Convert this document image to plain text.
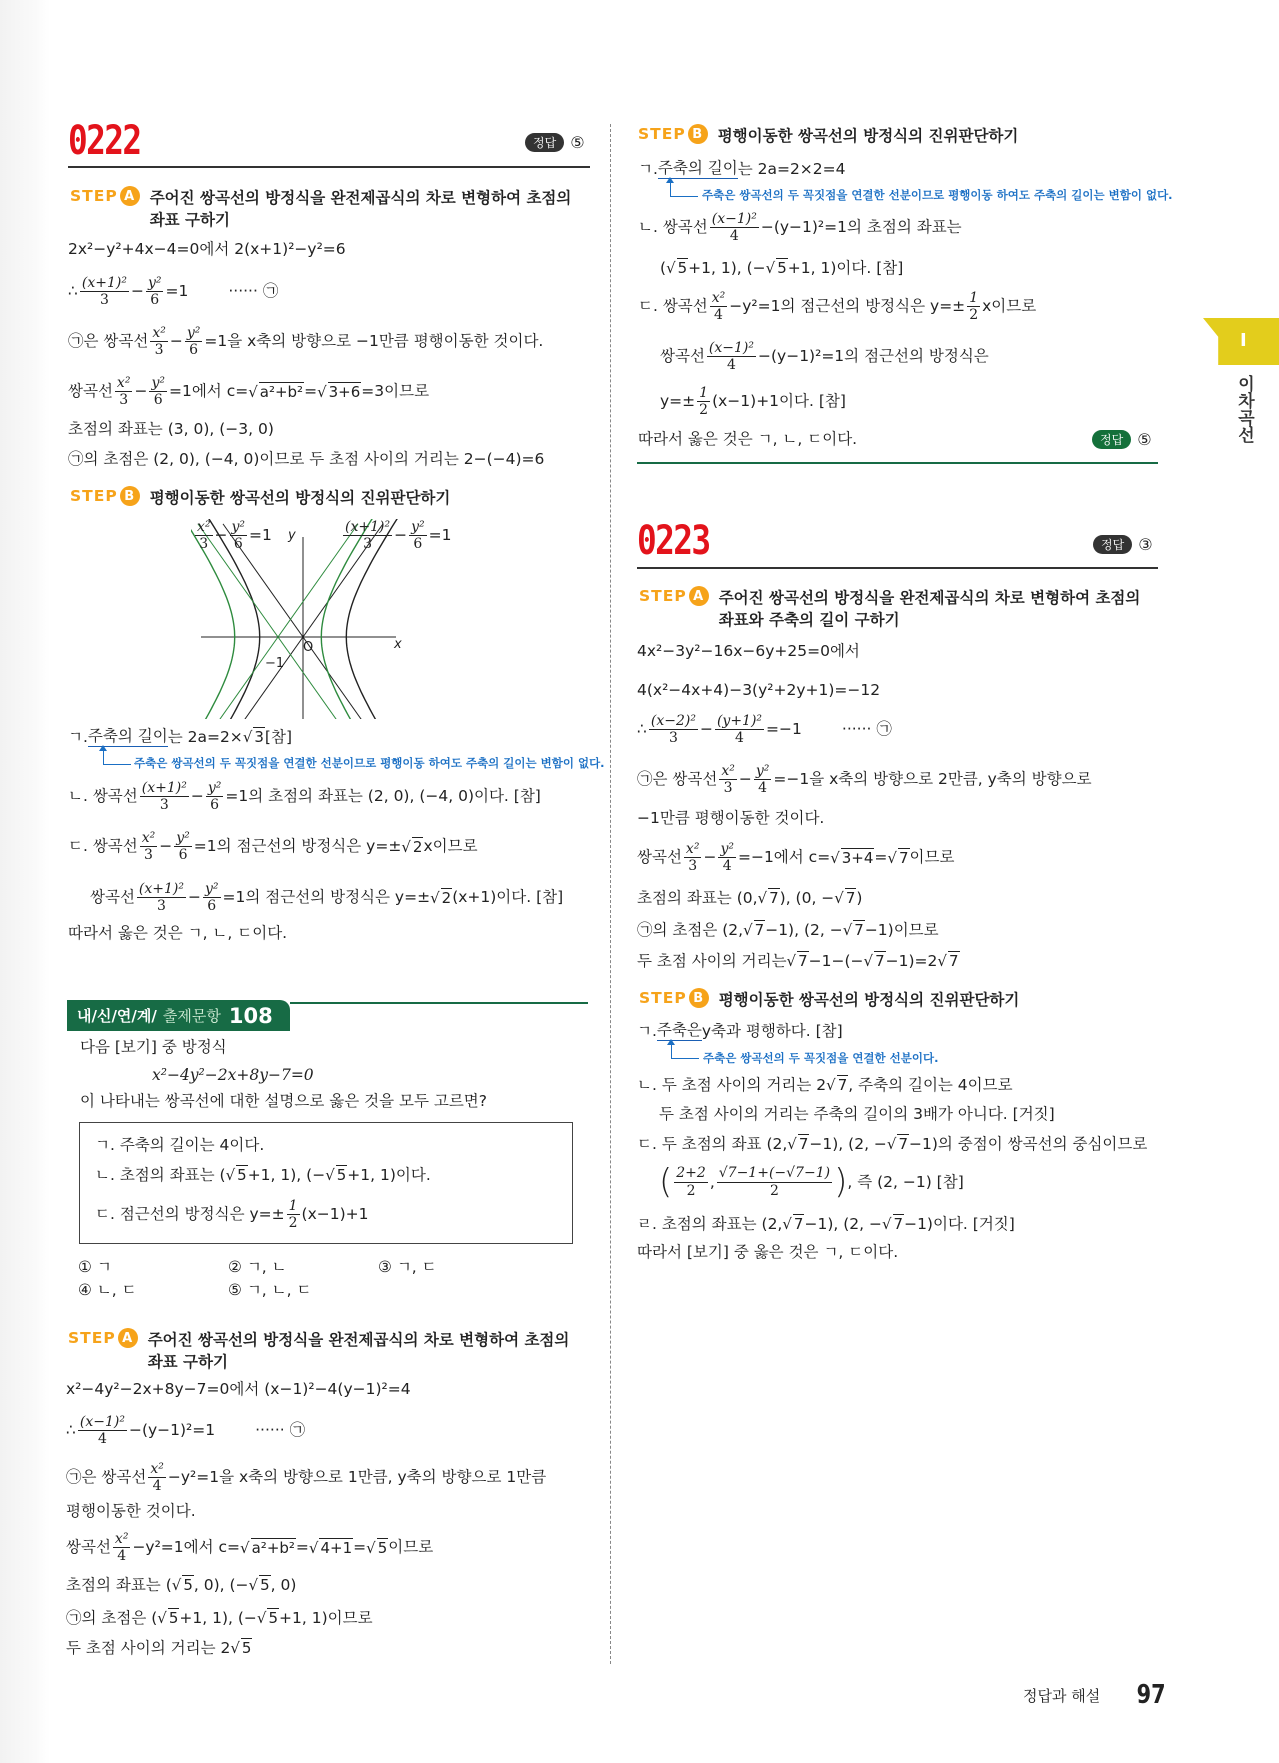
0222	정답 ⑤
STEP A 주어진 쌍곡선의 방정식을 완전제곱식의 차로 변형하여 초점의
좌표 구하기
2x²−y²+4x−4=0에서 2(x+1)²−y²=6
∴ $\frac{\text{(x+1)²}}{3} - \frac{\text{y²}}{6} =1$	······ ㉠
㉠은 쌍곡선 $\frac{\text{x²}}{3} - \frac{\text{y²}}{6} =1$을 x축의 방향으로 −1만큼 평행이동한 것이다.
쌍곡선 $\frac{\text{x²}}{3} - \frac{\text{y²}}{6} =1$에서 c= √ a²+b² = √ 3+6 =3이므로
초점의 좌표는 (3, 0), (−3, 0)
㉠의 초점은 (2, 0), (−4, 0)이므로 두 초점 사이의 거리는 2−(−4)=6
STEP B 평행이동한 쌍곡선의 방정식의 진위판단하기
$\frac{\text{x²}}{3} - \frac{\text{y²}}{6} =1$	$\frac{\text{(x+1)²}}{3} - \frac{\text{y²}}{6} =1$
y
x
O
−1
ㄱ. 주축의 길이 는 2a=2× √ 3 [참]
주축은 쌍곡선의 두 꼭짓점을 연결한 선분이므로 평행이동 하여도 주축의 길이는 변함이 없다.
ㄴ. 쌍곡선 $\frac{\text{(x+1)²}}{3} - \frac{\text{y²}}{6} =1$의 초점의 좌표는 (2, 0), (−4, 0)이다. [참]
ㄷ. 쌍곡선 $\frac{\text{x²}}{3} - \frac{\text{y²}}{6} =1$의 점근선의 방정식은 y=± √ 2 x이므로
쌍곡선 $\frac{\text{(x+1)²}}{3} - \frac{\text{y²}}{6} =1$의 점근선의 방정식은 y=± √ 2 (x+1)이다. [참]
따라서 옳은 것은 ㄱ, ㄴ, ㄷ이다.
내/신/연/계/ 출제문항 108
다음 [보기] 중 방정식
x²−4y²−2x+8y−7=0
이 나타내는 쌍곡선에 대한 설명으로 옳은 것을 모두 고르면?
ㄱ. 주축의 길이는 4이다.
ㄴ. 초점의 좌표는 ( √ 5 +1, 1), (− √ 5 +1, 1)이다.
ㄷ. 점근선의 방정식은 $y=\pm \frac{1}{2} (x-1)+1$
① ㄱ	② ㄱ, ㄴ	③ ㄱ, ㄷ
④ ㄴ, ㄷ	⑤ ㄱ, ㄴ, ㄷ
STEP A 주어진 쌍곡선의 방정식을 완전제곱식의 차로 변형하여 초점의
좌표 구하기
x²−4y²−2x+8y−7=0에서 (x−1)²−4(y−1)²=4
∴ $\frac{\text{(x−1)²}}{4} -(y-1)^2=1$	······ ㉠
㉠은 쌍곡선 $\frac{\text{x²}}{4} -y^2=1$을 x축의 방향으로 1만큼, y축의 방향으로 1만큼
평행이동한 것이다.
쌍곡선 $\frac{\text{x²}}{4} -y^2=1$에서 c= √ a²+b² = √ 4+1 = √ 5 이므로
초점의 좌표는 ( √ 5 , 0), (− √ 5 , 0)
㉠의 초점은 ( √ 5 +1, 1), (− √ 5 +1, 1)이므로
두 초점 사이의 거리는 2 √ 5
STEP B 평행이동한 쌍곡선의 방정식의 진위판단하기
ㄱ. 주축의 길이 는 2a=2×2=4
주축은 쌍곡선의 두 꼭짓점을 연결한 선분이므로 평행이동 하여도 주축의 길이는 변함이 없다.
ㄴ. 쌍곡선 $\frac{\text{(x−1)²}}{4} -(y-1)^2=1$의 초점의 좌표는
( √ 5 +1, 1), (− √ 5 +1, 1)이다. [참]
ㄷ. 쌍곡선 $\frac{\text{x²}}{4} -y^2=1$의 점근선의 방정식은 $y=\pm \frac{1}{2}$ x이므로
쌍곡선 $\frac{\text{(x−1)²}}{4} -(y-1)^2=1$의 점근선의 방정식은
$y=\pm \frac{1}{2} (x-1)+1$이다. [참]
따라서 옳은 것은 ㄱ, ㄴ, ㄷ이다.	정답 ⑤
0223	정답 ③
STEP A 주어진 쌍곡선의 방정식을 완전제곱식의 차로 변형하여 초점의
좌표와 주축의 길이 구하기
4x²−3y²−16x−6y+25=0에서
4(x²−4x+4)−3(y²+2y+1)=−12
∴ $\frac{\text{(x−2)²}}{3} - \frac{\text{(y+1)²}}{4} =-1$	······ ㉠
㉠은 쌍곡선 $\frac{\text{x²}}{3} - \frac{\text{y²}}{4} =-1$을 x축의 방향으로 2만큼, y축의 방향으로
−1만큼 평행이동한 것이다.
쌍곡선 $\frac{\text{x²}}{3} - \frac{\text{y²}}{4} =-1$에서 c= √ 3+4 = √ 7 이므로
초점의 좌표는 (0, √ 7 ), (0, − √ 7 )
㉠의 초점은 (2, √ 7 −1), (2, − √ 7 −1)이므로
두 초점 사이의 거리는 √ 7 −1−(− √ 7 −1)=2 √ 7
STEP B 평행이동한 쌍곡선의 방정식의 진위판단하기
ㄱ. 주축은 y축과 평행하다. [참]
주축은 쌍곡선의 두 꼭짓점을 연결한 선분이다.
ㄴ. 두 초점 사이의 거리는 2 √ 7 , 주축의 길이는 4이므로
두 초점 사이의 거리는 주축의 길이의 3배가 아니다. [거짓]
ㄷ. 두 초점의 좌표 (2, √ 7 −1), (2, − √ 7 −1)의 중점이 쌍곡선의 중심이므로
( $\frac{2+2}{2}$ , $\frac{√7-1+(-√7-1)}{2}$ ) , 즉 (2, −1) [참]
ㄹ. 초점의 좌표는 (2, √ 7 −1), (2, − √ 7 −1)이다. [거짓]
따라서 [보기] 중 옳은 것은 ㄱ, ㄷ이다.
I
이차곡선
정답과 해설 97
